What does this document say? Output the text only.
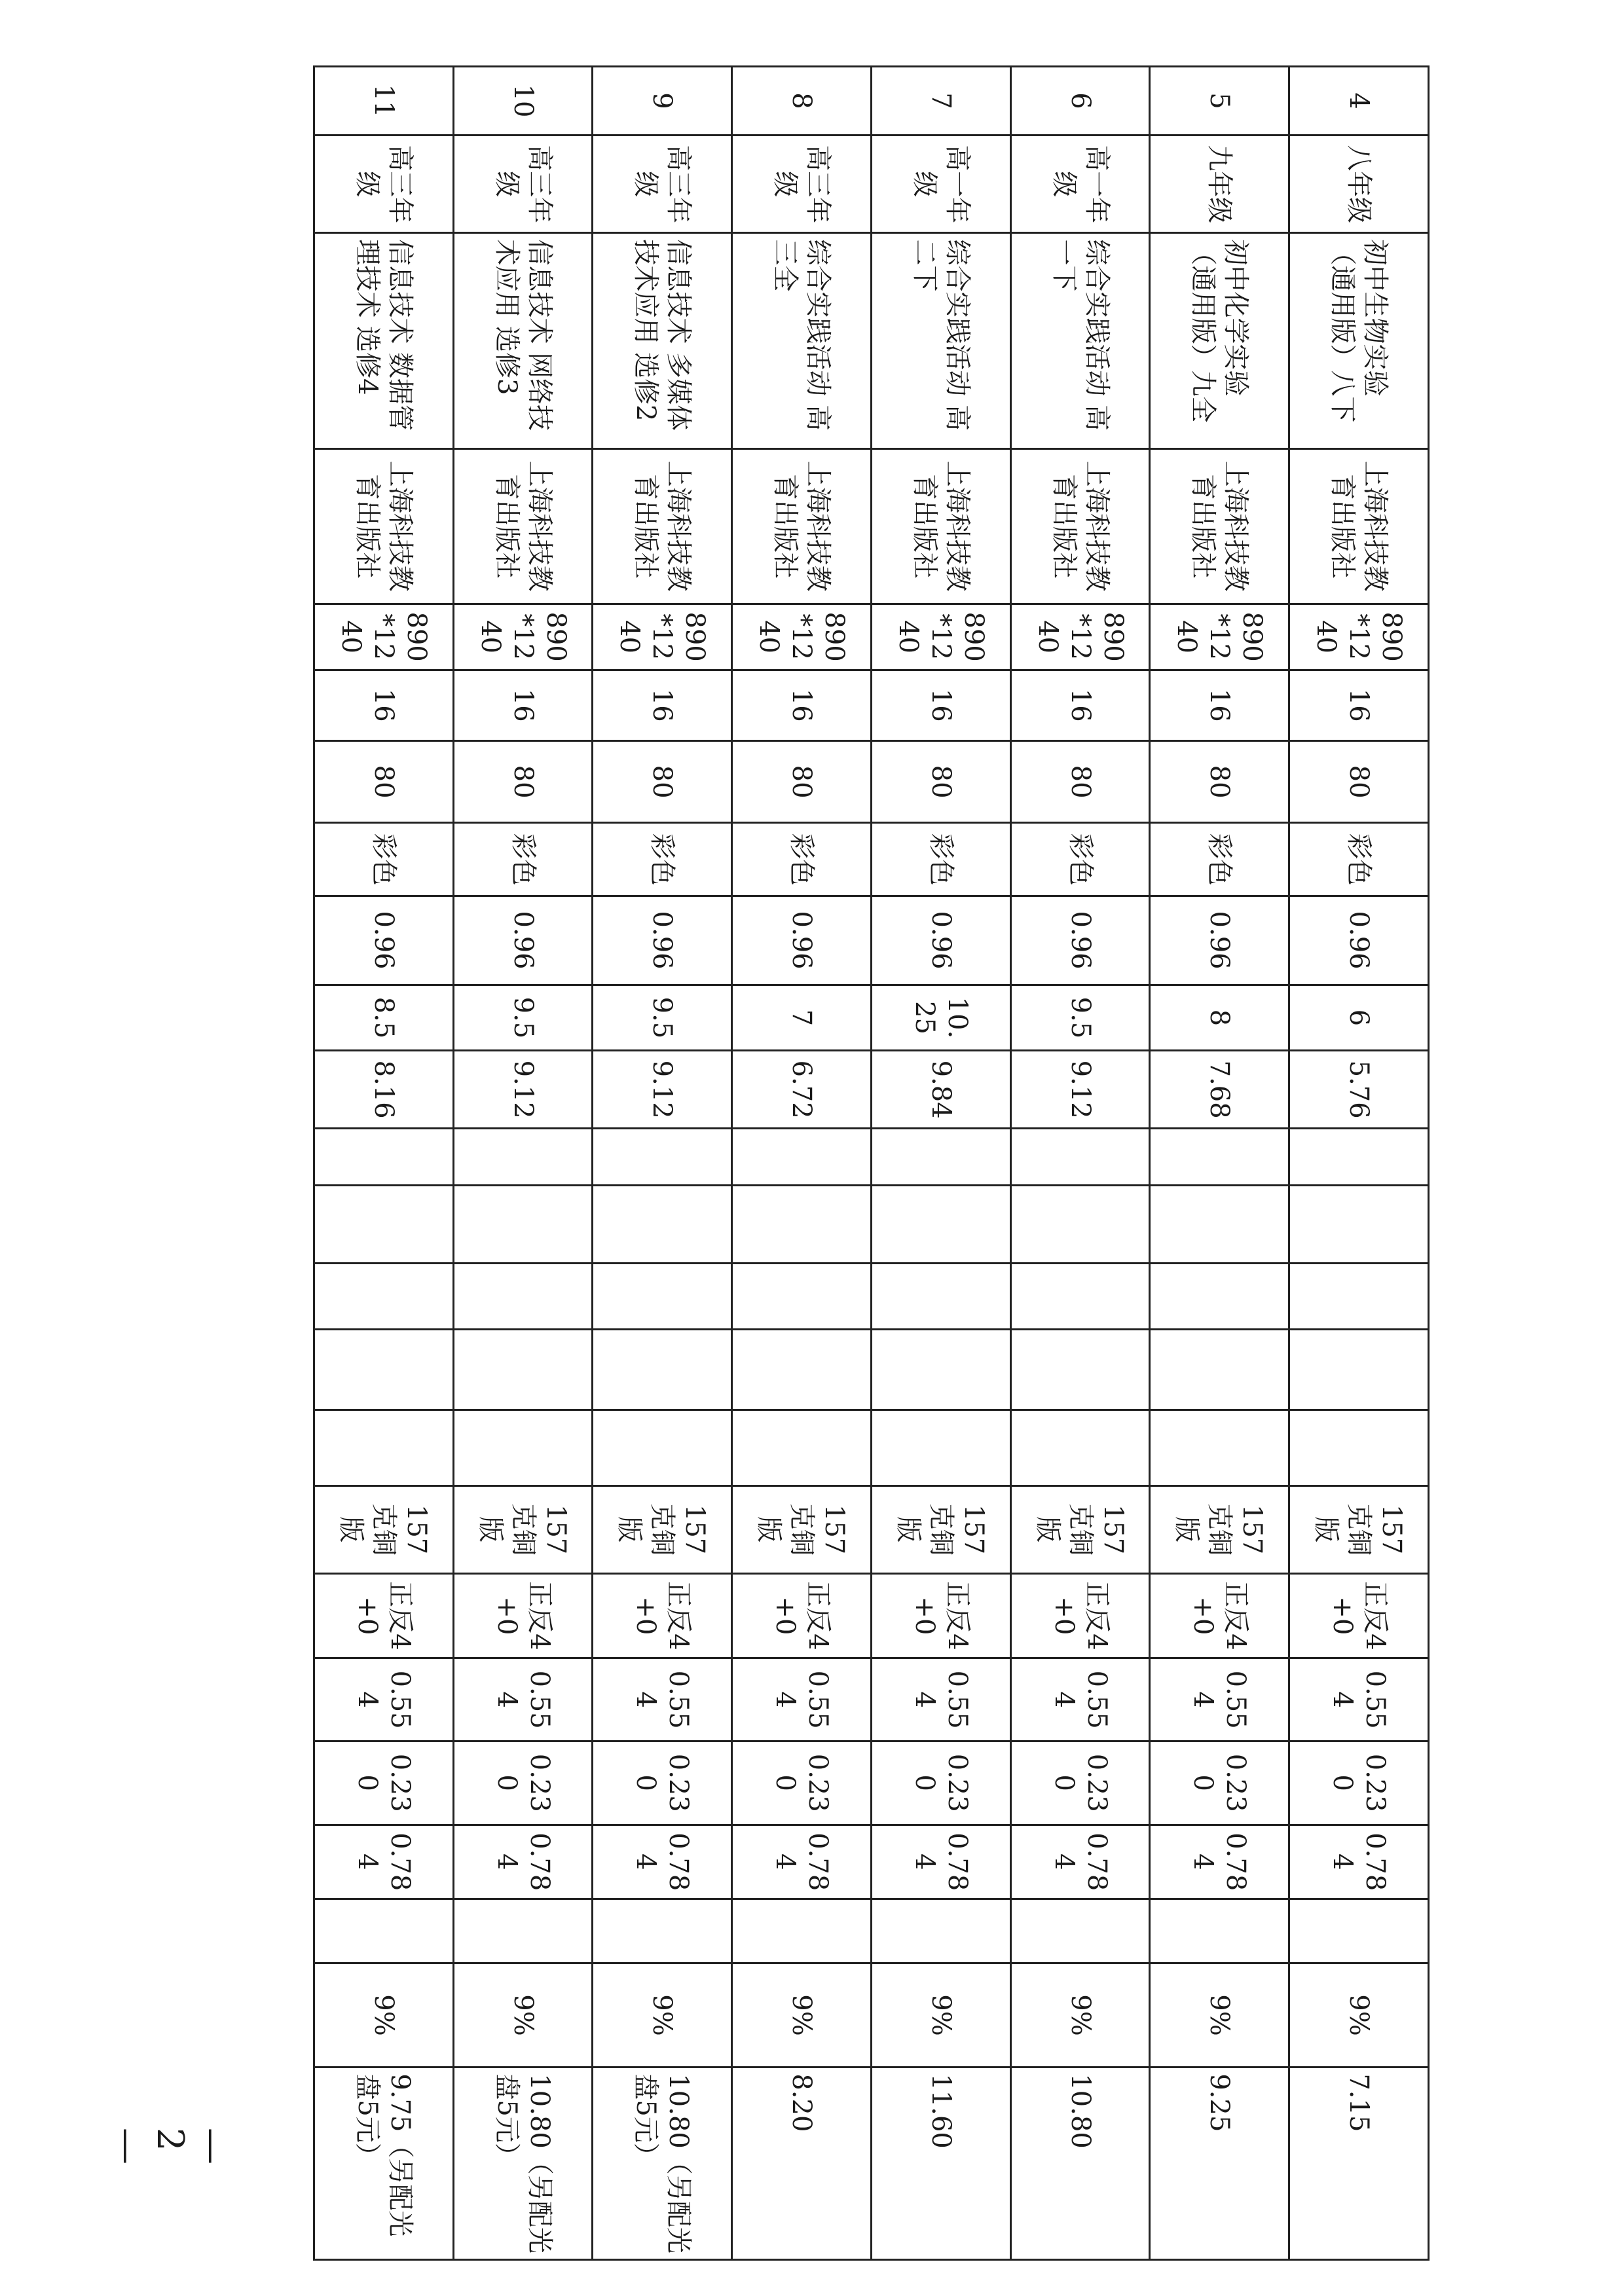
4	八年级	初中生物实验（通用版）八下	上海科技教育出版社	890*1240	16	80	彩色	0.96	6	5.76						157克铜版	正反4+0	0.554	0.230	0.784		9%	7.15
5	九年级	初中化学实验（通用版）九全	上海科技教育出版社	890*1240	16	80	彩色	0.96	8	7.68						157克铜版	正反4+0	0.554	0.230	0.784		9%	9.25
6	高一年级	综合实践活动 高一下	上海科技教育出版社	890*1240	16	80	彩色	0.96	9.5	9.12						157克铜版	正反4+0	0.554	0.230	0.784		9%	10.80
7	高一年级	综合实践活动 高二下	上海科技教育出版社	890*1240	16	80	彩色	0.96	10.25	9.84						157克铜版	正反4+0	0.554	0.230	0.784		9%	11.60
8	高三年级	综合实践活动 高三全	上海科技教育出版社	890*1240	16	80	彩色	0.96	7	6.72						157克铜版	正反4+0	0.554	0.230	0.784		9%	8.20
9	高三年级	信息技术 多媒体技术应用 选修2	上海科技教育出版社	890*1240	16	80	彩色	0.96	9.5	9.12						157克铜版	正反4+0	0.554	0.230	0.784		9%	10.80（另配光盘5元）
10	高三年级	信息技术 网络技术应用 选修3	上海科技教育出版社	890*1240	16	80	彩色	0.96	9.5	9.12						157克铜版	正反4+0	0.554	0.230	0.784		9%	10.80（另配光盘5元）
11	高三年级	信息技术 数据管理技术 选修4	上海科技教育出版社	890*1240	16	80	彩色	0.96	8.5	8.16						157克铜版	正反4+0	0.554	0.230	0.784		9%	9.75（另配光盘5元）
— 2 —
